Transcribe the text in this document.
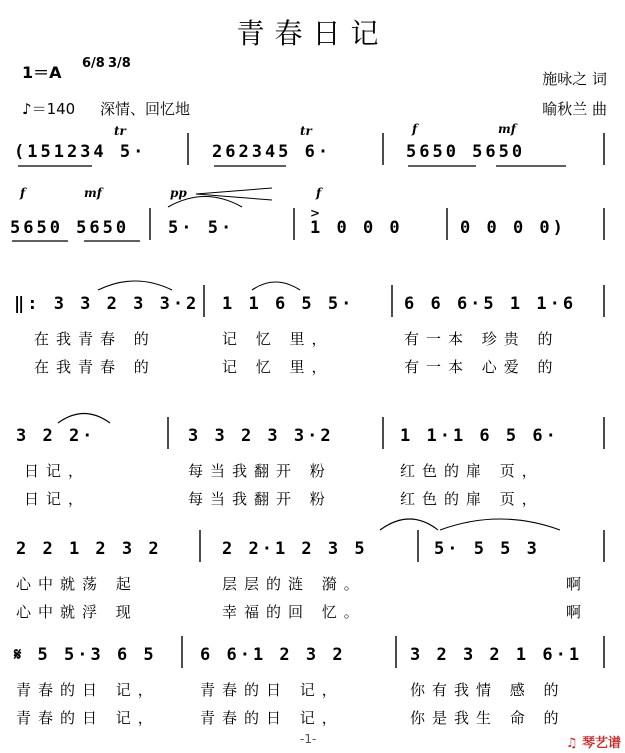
青春日记
1＝A 6/8 3/8
♪＝140 深情、回忆地
施咏之 词
喻秋兰 曲
tr	tr	f	mf
f	mf	pp	f
>
(151234 5·	262345 6·	5650 5650
5650 5650 5· 5·	1 0 0 0	0 0 0 0)
‖: 3 3 2 3 3·2 1 1 6 5 5·	6 6 6·5 1 1·6
在我青春 的	记 忆 里，	有一本 珍贵 的
在我青春 的	记 忆 里，	有一本 心爱 的
3 2 2·	3 3 2 3 3·2	1 1·1 6 5 6·
日记，	每当我翻开 粉	红色的扉 页，
日记，	每当我翻开 粉	红色的扉 页，
2 2 1 2 3 2	2 2·1 2 3 5	5· 5 5 3
心中就荡 起	层层的涟 漪。	啊
心中就浮 现	幸福的回 忆。	啊
𝄋 5 5·3 6 5	6 6·1 2 3 2	3 2 3 2 1 6·1
青春的日 记，	青春的日 记，	你有我情 感 的
青春的日 记，	青春的日 记，	你是我生 命 的
-1-	♫ 琴艺谱
